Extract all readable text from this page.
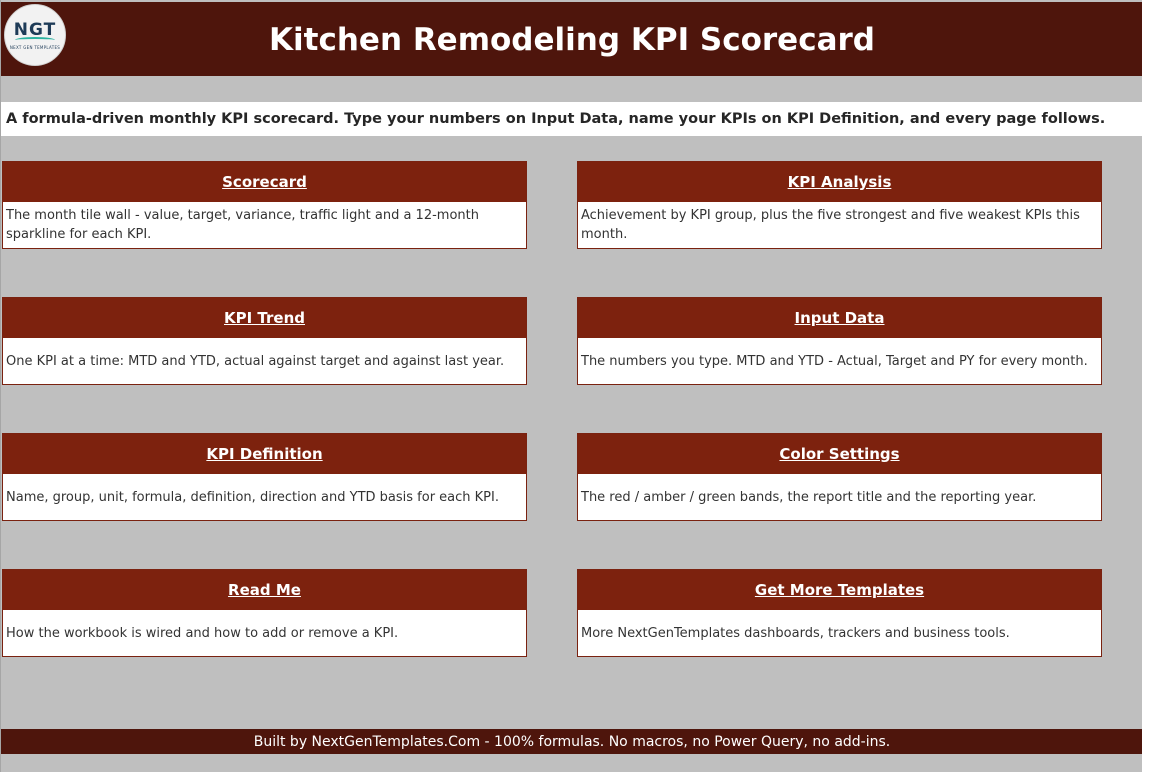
NGT
NEXT GEN TEMPLATES	Kitchen Remodeling KPI Scorecard
A formula-driven monthly KPI scorecard. Type your numbers on Input Data, name your KPIs on KPI Definition, and every page follows.
Scorecard
The month tile wall - value, target, variance, traffic light and a 12-month sparkline for each KPI.
KPI Analysis
Achievement by KPI group, plus the five strongest and five weakest KPIs this month.
KPI Trend
One KPI at a time: MTD and YTD, actual against target and against last year.
Input Data
The numbers you type. MTD and YTD - Actual, Target and PY for every month.
KPI Definition
Name, group, unit, formula, definition, direction and YTD basis for each KPI.
Color Settings
The red / amber / green bands, the report title and the reporting year.
Read Me
How the workbook is wired and how to add or remove a KPI.
Get More Templates
More NextGenTemplates dashboards, trackers and business tools.
Built by NextGenTemplates.Com - 100% formulas. No macros, no Power Query, no add-ins.
